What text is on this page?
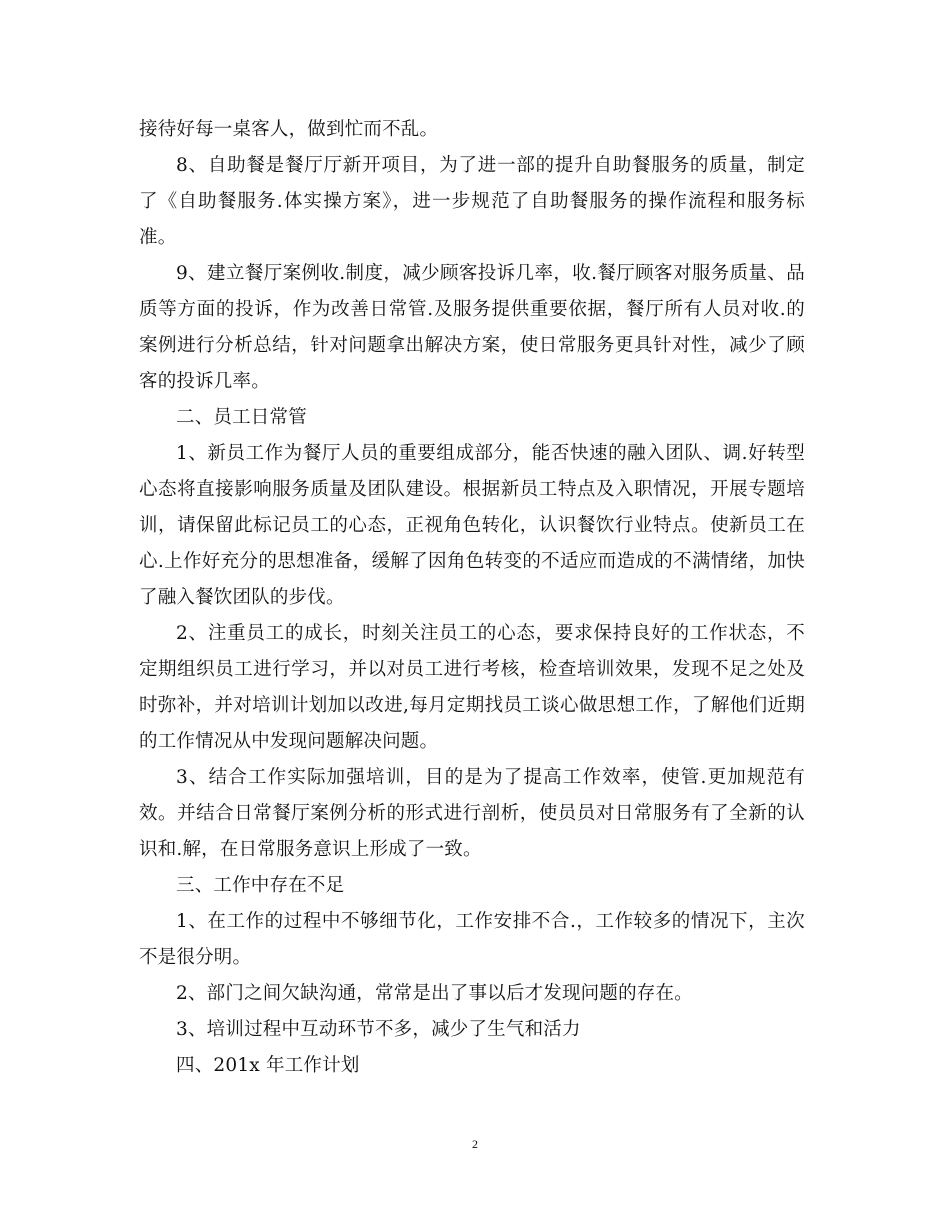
接待好每一桌客人，做到忙而不乱。

8、自助餐是餐厅厅新开项目，为了进一部的提升自助餐服务的质量，制定了《自助餐服务.体实操方案》，进一步规范了自助餐服务的操作流程和服务标准。

9、建立餐厅案例收.制度，减少顾客投诉几率，收.餐厅顾客对服务质量、品质等方面的投诉，作为改善日常管.及服务提供重要依据，餐厅所有人员对收.的案例进行分析总结，针对问题拿出解决方案，使日常服务更具针对性，减少了顾客的投诉几率。

二、员工日常管

1、新员工作为餐厅人员的重要组成部分，能否快速的融入团队、调.好转型心态将直接影响服务质量及团队建设。根据新员工特点及入职情况，开展专题培训，请保留此标记员工的心态，正视角色转化，认识餐饮行业特点。使新员工在心.上作好充分的思想准备，缓解了因角色转变的不适应而造成的不满情绪，加快了融入餐饮团队的步伐。

2、注重员工的成长，时刻关注员工的心态，要求保持良好的工作状态，不定期组织员工进行学习，并以对员工进行考核，检查培训效果，发现不足之处及时弥补，并对培训计划加以改进,每月定期找员工谈心做思想工作，了解他们近期的工作情况从中发现问题解决问题。

3、结合工作实际加强培训，目的是为了提高工作效率，使管.更加规范有效。并结合日常餐厅案例分析的形式进行剖析，使员员对日常服务有了全新的认识和.解，在日常服务意识上形成了一致。

三、工作中存在不足

1、在工作的过程中不够细节化，工作安排不合.，工作较多的情况下，主次不是很分明。

2、部门之间欠缺沟通，常常是出了事以后才发现问题的存在。

3、培训过程中互动环节不多，减少了生气和活力

四、201x 年工作计划

2
